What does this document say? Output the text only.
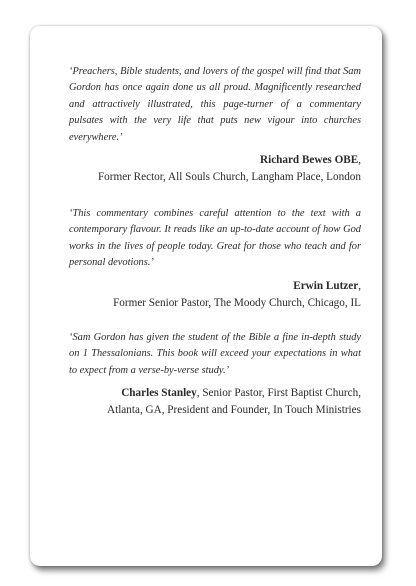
‘Preachers, Bible students, and lovers of the gospel will find that Sam Gordon has once again done us all proud. Magnificently researched and attractively illustrated, this page-turner of a commentary pulsates with the very life that puts new vigour into churches everywhere.’

Richard Bewes OBE,
Former Rector, All Souls Church, Langham Place, London

‘This commentary combines careful attention to the text with a contemporary flavour. It reads like an up-to-date account of how God works in the lives of people today. Great for those who teach and for personal devotions.’

Erwin Lutzer,
Former Senior Pastor, The Moody Church, Chicago, IL

‘Sam Gordon has given the student of the Bible a fine in-depth study on 1 Thessalonians. This book will exceed your expectations in what to expect from a verse-by-verse study.’

Charles Stanley, Senior Pastor, First Baptist Church,
Atlanta, GA, President and Founder, In Touch Ministries
